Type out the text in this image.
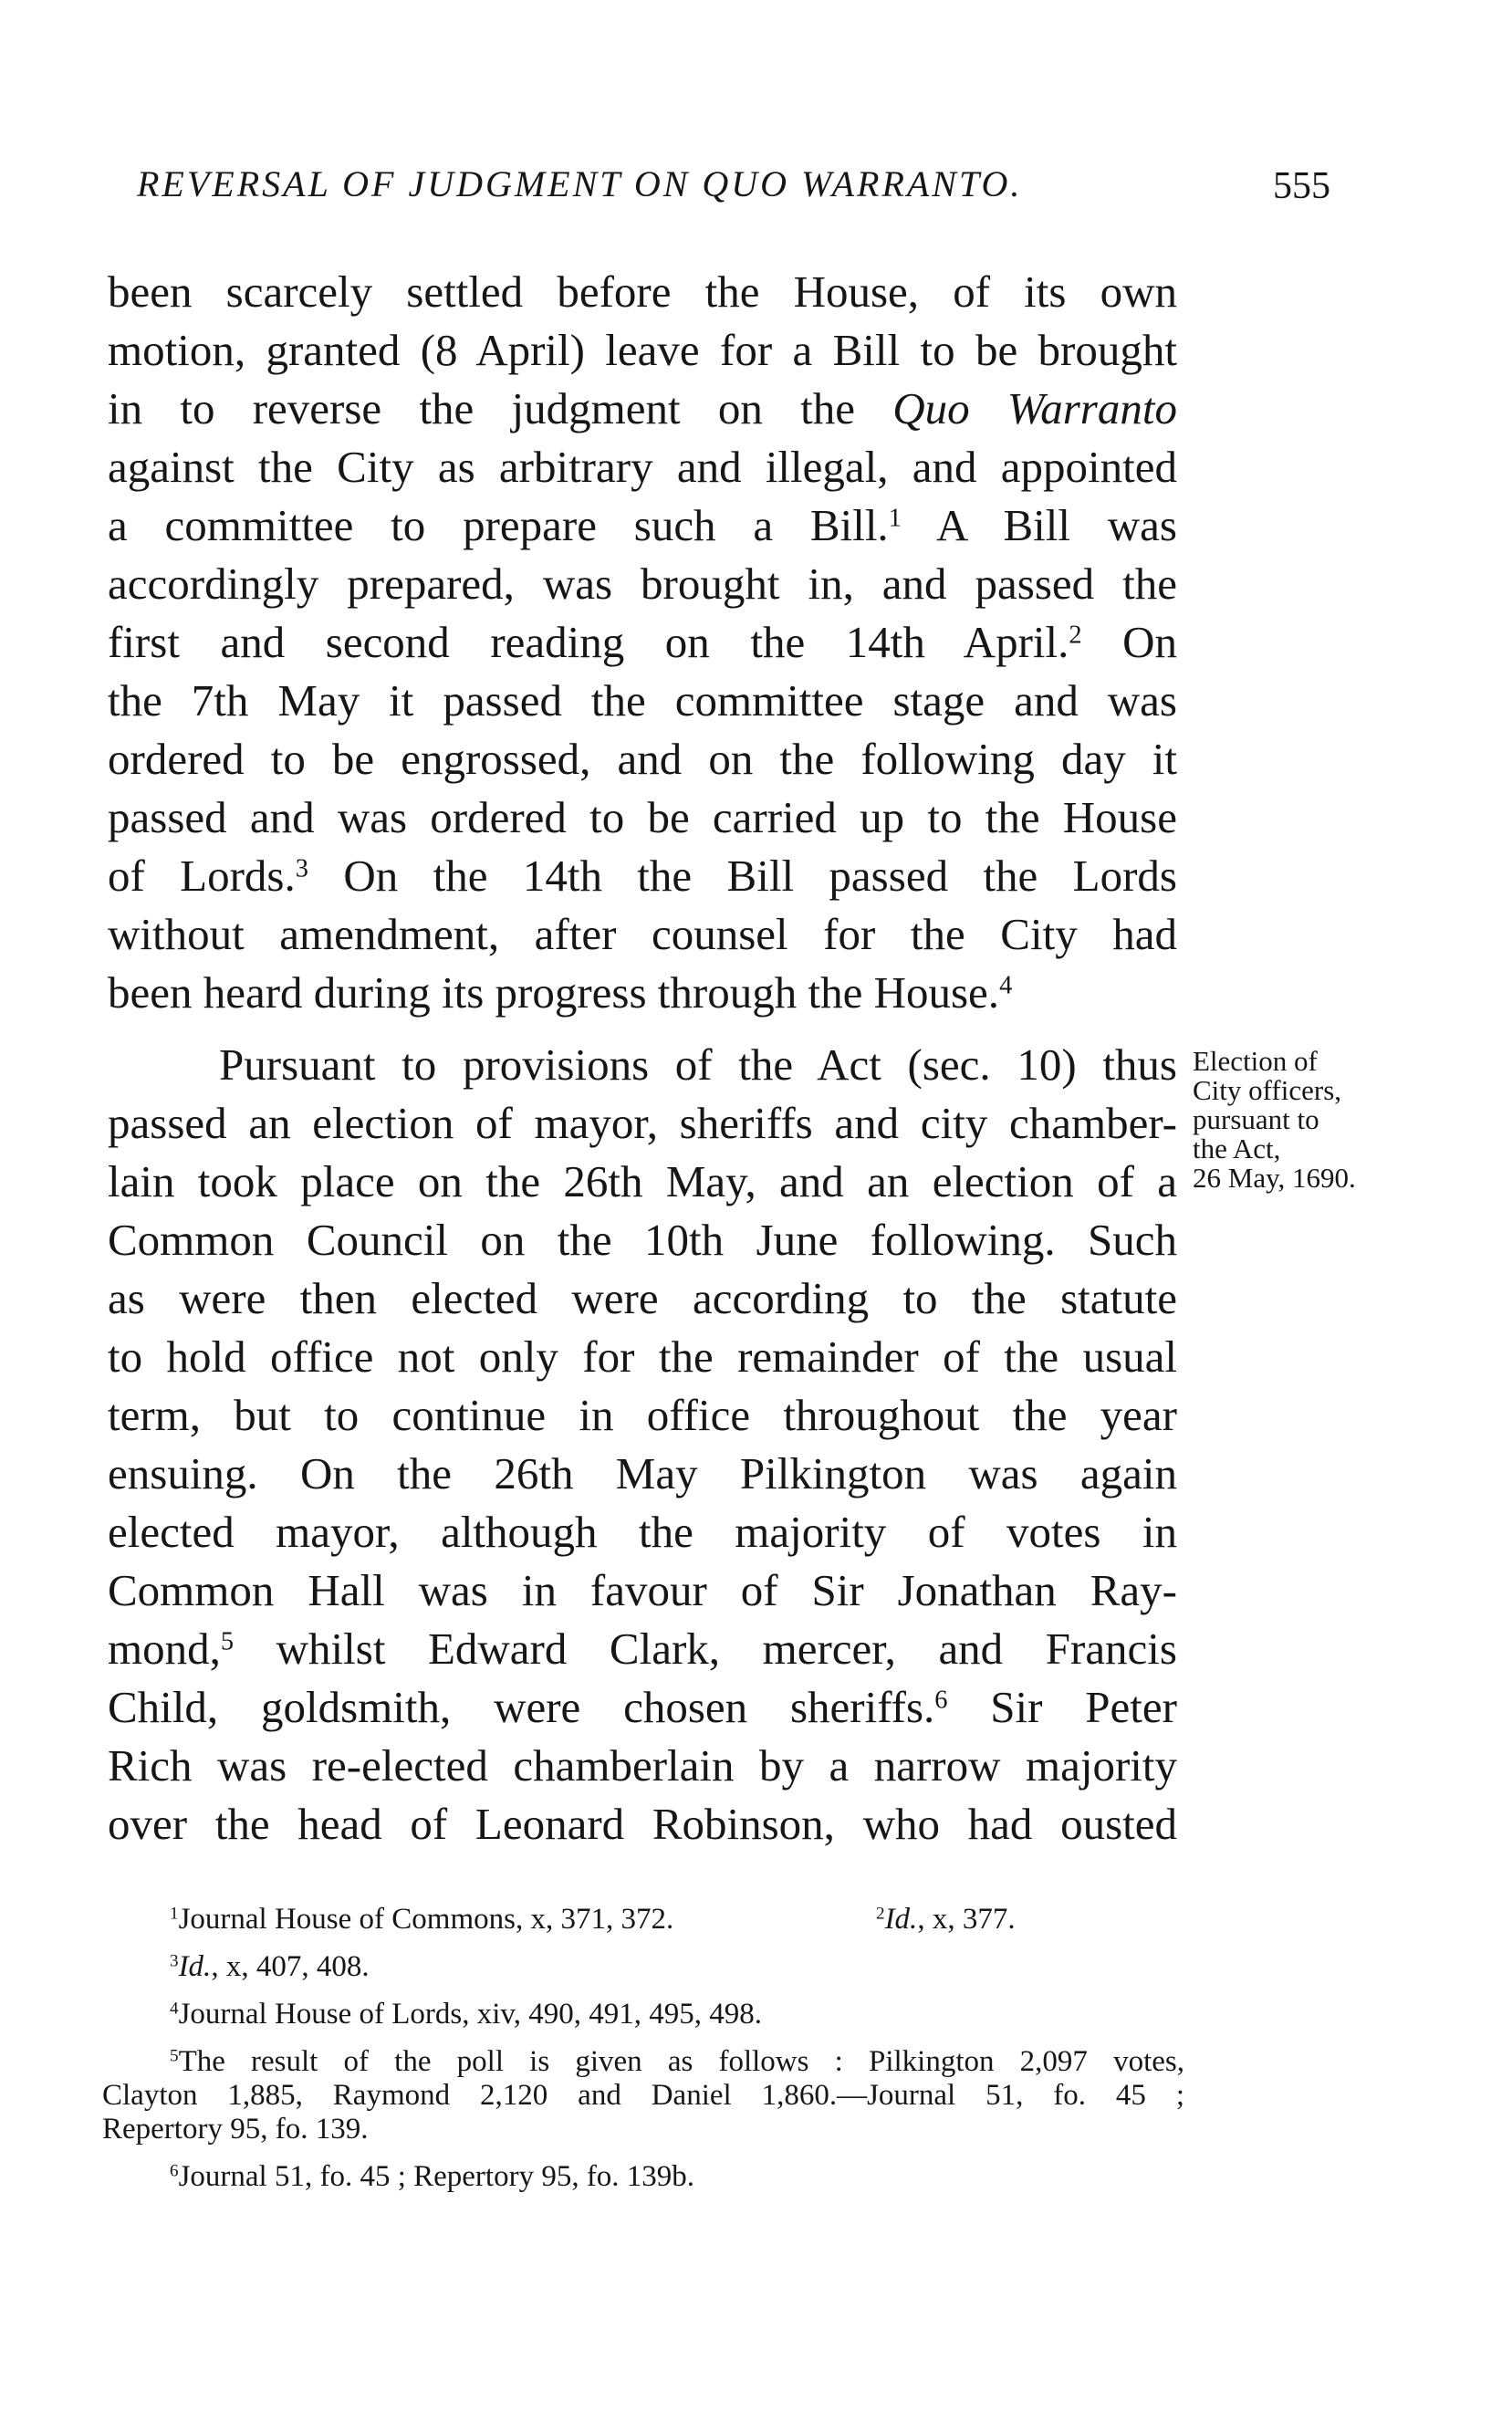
REVERSAL OF JUDGMENT ON QUO WARRANTO.	555
been scarcely settled before the House, of its own
motion, granted (8 April) leave for a Bill to be brought
in to reverse the judgment on the Quo Warranto
against the City as arbitrary and illegal, and appointed
a committee to prepare such a Bill.$^1$ A Bill was
accordingly prepared, was brought in, and passed the
first and second reading on the 14th April.$^2$ On
the 7th May it passed the committee stage and was
ordered to be engrossed, and on the following day it
passed and was ordered to be carried up to the House
of Lords.$^3$ On the 14th the Bill passed the Lords
without amendment, after counsel for the City had
been heard during its progress through the House.$^4$
Pursuant to provisions of the Act (sec. 10) thus
passed an election of mayor, sheriffs and city chamber-
lain took place on the 26th May, and an election of a
Common Council on the 10th June following. Such
as were then elected were according to the statute
to hold office not only for the remainder of the usual
term, but to continue in office throughout the year
ensuing. On the 26th May Pilkington was again
elected mayor, although the majority of votes in
Common Hall was in favour of Sir Jonathan Ray-
mond,$^5$ whilst Edward Clark, mercer, and Francis
Child, goldsmith, were chosen sheriffs.$^6$ Sir Peter
Rich was re-elected chamberlain by a narrow majority
over the head of Leonard Robinson, who had ousted
Election of
City officers,
pursuant to
the Act,
26 May, 1690.
$^1$Journal House of Commons, x, 371, 372.	$^2$Id., x, 377.
$^3$Id., x, 407, 408.
$^4$Journal House of Lords, xiv, 490, 491, 495, 498.
$^5$The result of the poll is given as follows : Pilkington 2,097 votes,
Clayton 1,885, Raymond 2,120 and Daniel 1,860.—Journal 51, fo. 45 ;
Repertory 95, fo. 139.
$^6$Journal 51, fo. 45 ; Repertory 95, fo. 139b.
